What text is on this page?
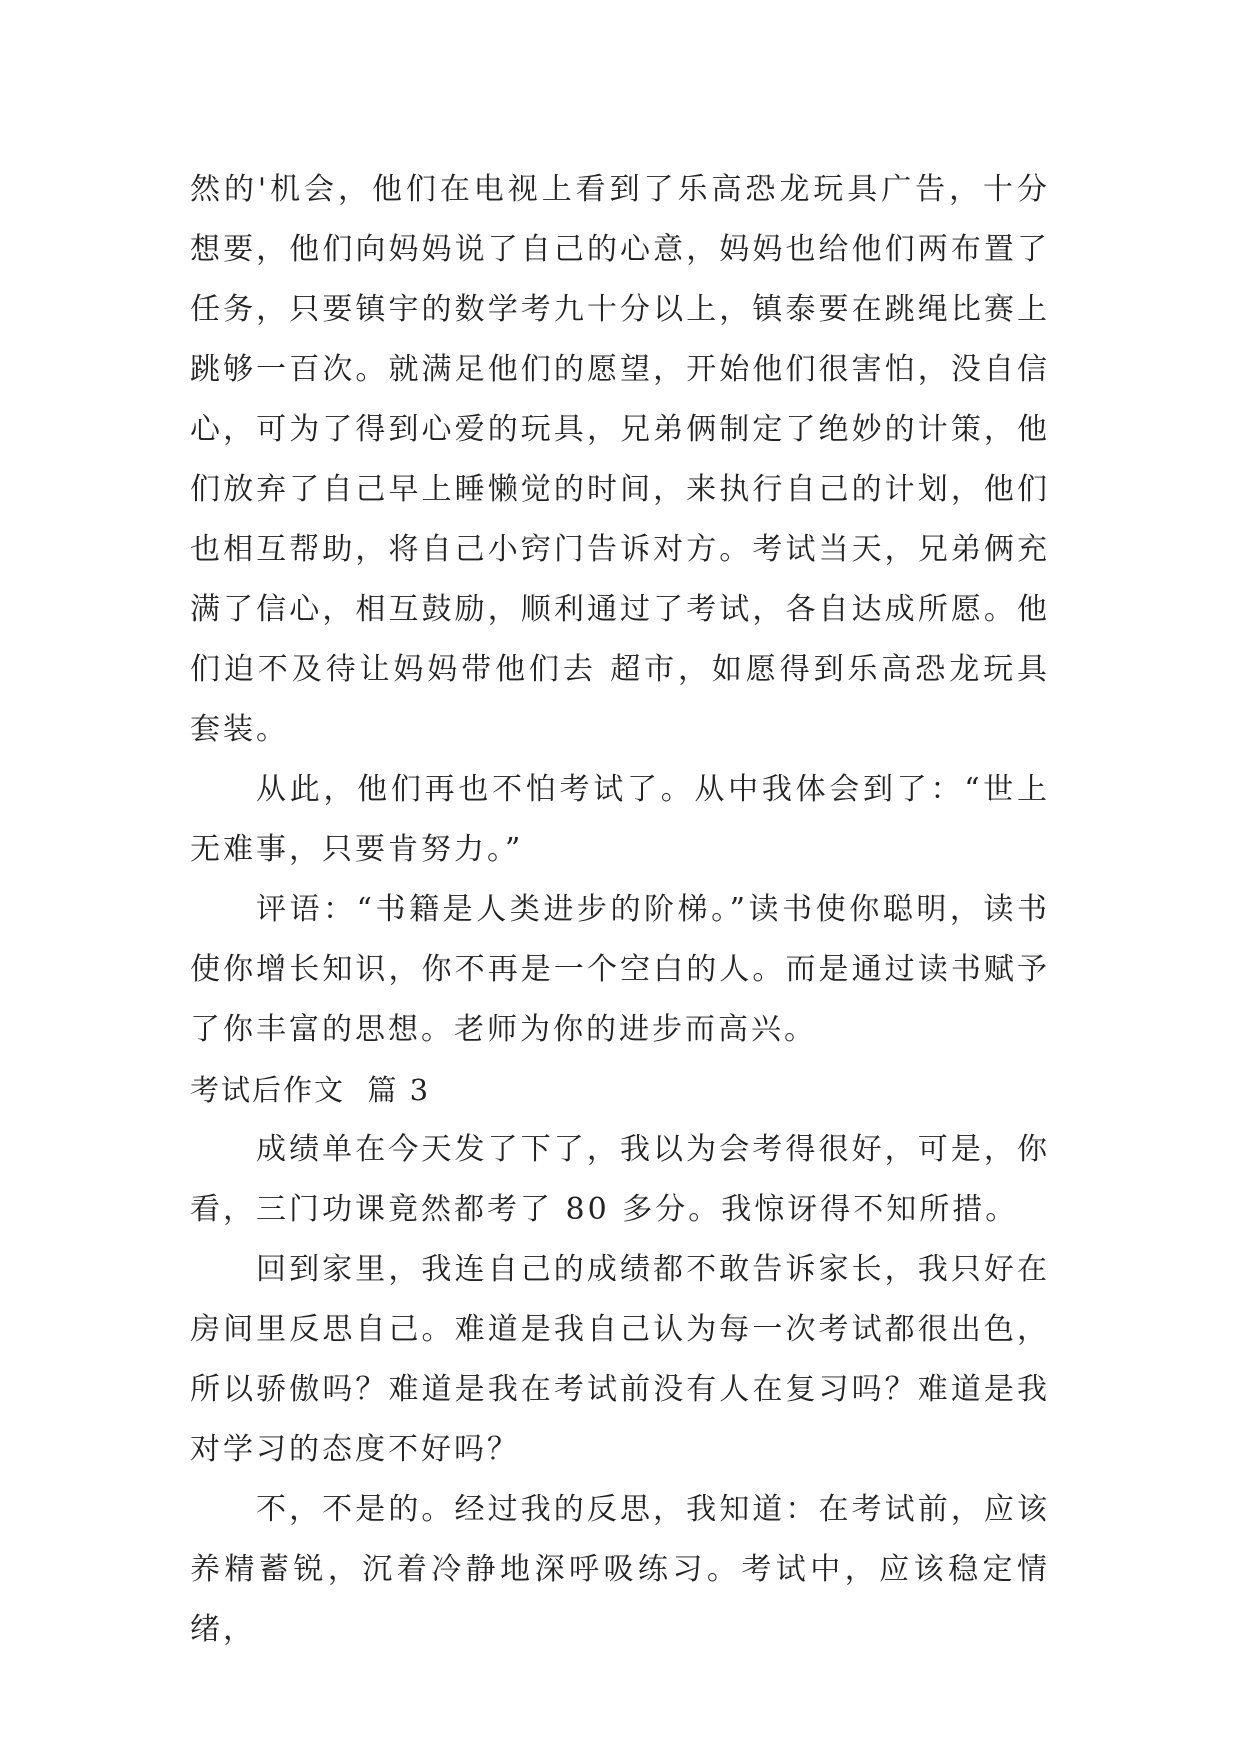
然的'机会，他们在电视上看到了乐高恐龙玩具广告，十分想要，他们向妈妈说了自己的心意，妈妈也给他们两布置了任务，只要镇宇的数学考九十分以上，镇泰要在跳绳比赛上跳够一百次。就满足他们的愿望，开始他们很害怕，没自信心，可为了得到心爱的玩具，兄弟俩制定了绝妙的计策，他们放弃了自己早上睡懒觉的时间，来执行自己的计划，他们也相互帮助，将自己小窍门告诉对方。考试当天，兄弟俩充满了信心，相互鼓励，顺利通过了考试，各自达成所愿。他们迫不及待让妈妈带他们去 超市，如愿得到乐高恐龙玩具套装。

从此，他们再也不怕考试了。从中我体会到了：“世上无难事，只要肯努力。”

评语：“书籍是人类进步的阶梯。”读书使你聪明，读书使你增长知识，你不再是一个空白的人。而是通过读书赋予了你丰富的思想。老师为你的进步而高兴。

考试后作文  篇 3

成绩单在今天发了下了，我以为会考得很好，可是，你看，三门功课竟然都考了 80 多分。我惊讶得不知所措。

回到家里，我连自己的成绩都不敢告诉家长，我只好在房间里反思自己。难道是我自己认为每一次考试都很出色，所以骄傲吗？难道是我在考试前没有人在复习吗？难道是我对学习的态度不好吗？

不，不是的。经过我的反思，我知道：在考试前，应该养精蓄锐，沉着冷静地深呼吸练习。考试中，应该稳定情绪，
